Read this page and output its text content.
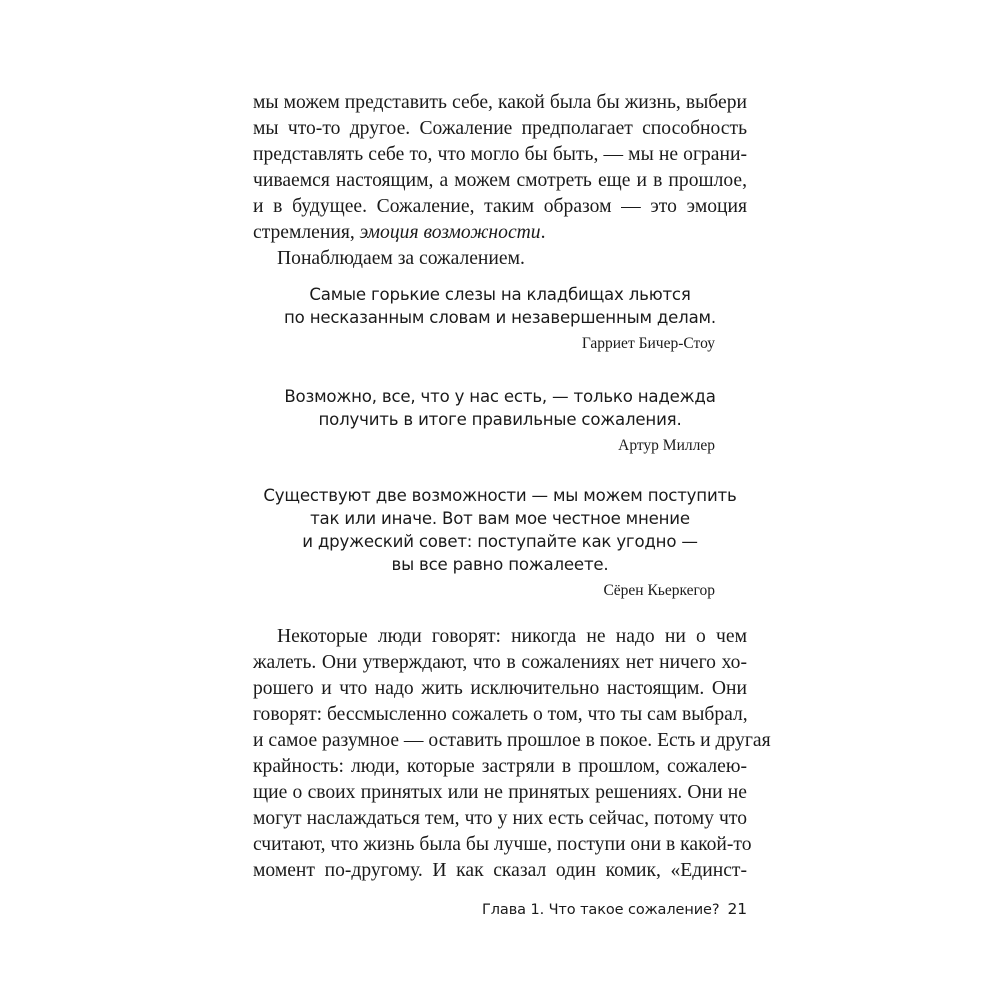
мы можем представить себе, какой была бы жизнь, выбери
мы что-то другое. Сожаление предполагает способность
представлять себе то, что могло бы быть, — мы не ограни-
чиваемся настоящим, а можем смотреть еще и в прошлое,
и в будущее. Сожаление, таким образом — это эмоция
стремления, эмоция возможности.
Понаблюдаем за сожалением.
Самые горькие слезы на кладбищах льются
по несказанным словам и незавершенным делам.
Гарриет Бичер-Стоу
Возможно, все, что у нас есть, — только надежда
получить в итоге правильные сожаления.
Артур Миллер
Существуют две возможности — мы можем поступить
так или иначе. Вот вам мое честное мнение
и дружеский совет: поступайте как угодно —
вы все равно пожалеете.
Сёрен Кьеркегор
Некоторые люди говорят: никогда не надо ни о чем
жалеть. Они утверждают, что в сожалениях нет ничего хо-
рошего и что надо жить исключительно настоящим. Они
говорят: бессмысленно сожалеть о том, что ты сам выбрал,
и самое разумное — оставить прошлое в покое. Есть и другая
крайность: люди, которые застряли в прошлом, сожалею-
щие о своих принятых или не принятых решениях. Они не
могут наслаждаться тем, что у них есть сейчас, потому что
считают, что жизнь была бы лучше, поступи они в какой-то
момент по-другому. И как сказал один комик, «Единст-
Глава 1. Что такое сожаление? 21
